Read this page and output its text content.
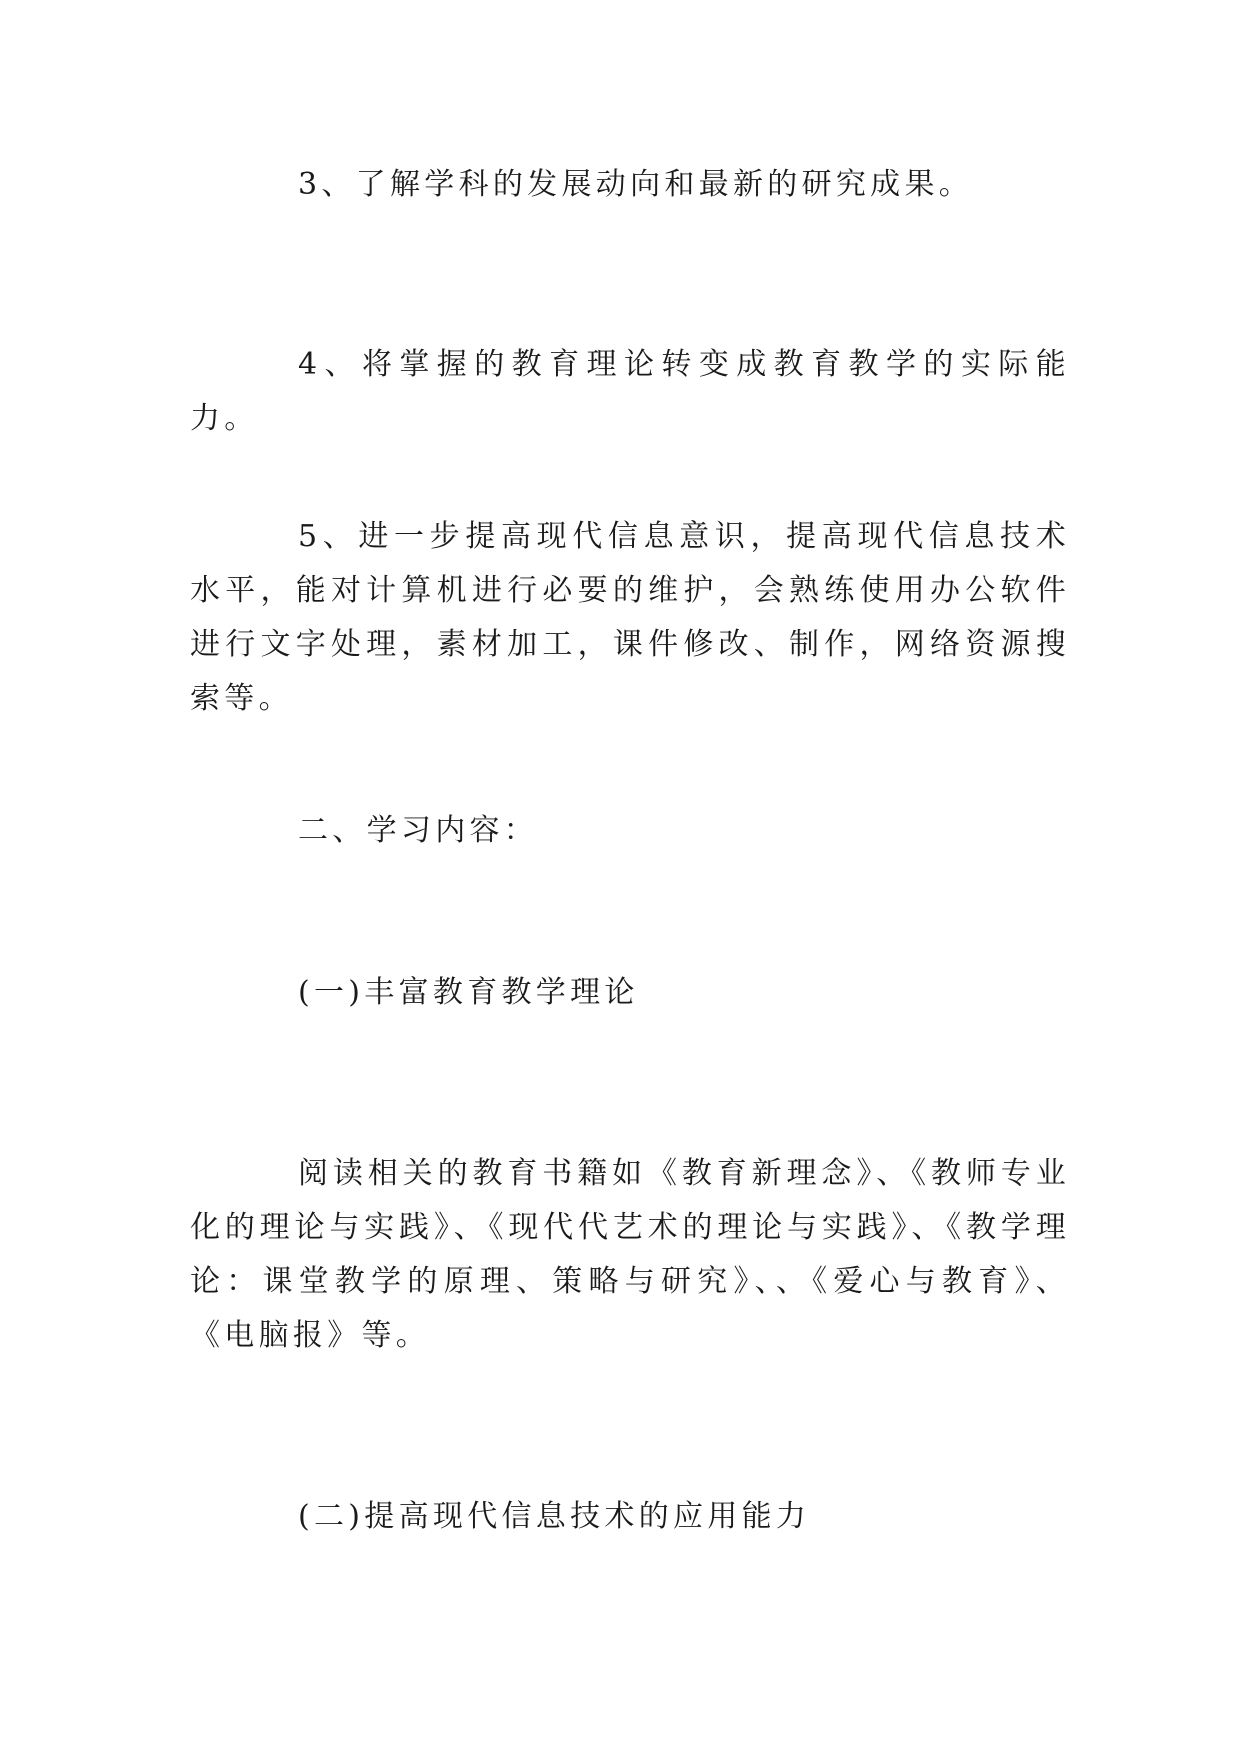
3、了解学科的发展动向和最新的研究成果。

4、将掌握的教育理论转变成教育教学的实际能力。

5、进一步提高现代信息意识，提高现代信息技术水平，能对计算机进行必要的维护，会熟练使用办公软件进行文字处理，素材加工，课件修改、制作，网络资源搜索等。

二、学习内容：

(一)丰富教育教学理论

阅读相关的教育书籍如《教育新理念》、《教师专业化的理论与实践》、《现代代艺术的理论与实践》、《教学理论：课堂教学的原理、策略与研究》、、《爱心与教育》、《电脑报》等。

(二)提高现代信息技术的应用能力
